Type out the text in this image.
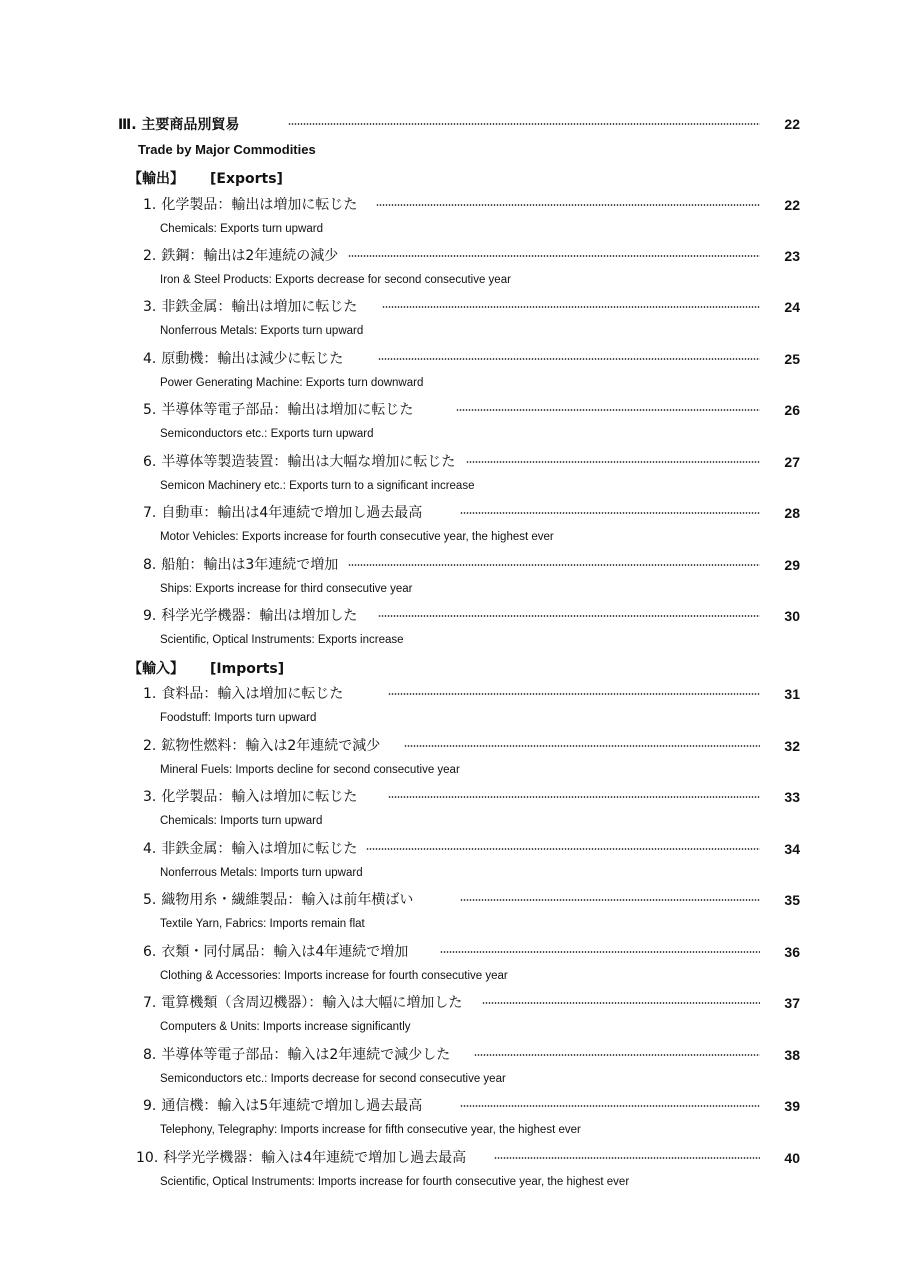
Ⅲ. 主要商品別貿易	22
Trade by Major Commodities
【輸出】 [Exports]
1. 化学製品：輸出は増加に転じた	22
Chemicals: Exports turn upward
2. 鉄鋼：輸出は2年連続の減少	23
Iron & Steel Products: Exports decrease for second consecutive year
3. 非鉄金属：輸出は増加に転じた	24
Nonferrous Metals: Exports turn upward
4. 原動機：輸出は減少に転じた	25
Power Generating Machine: Exports turn downward
5. 半導体等電子部品：輸出は増加に転じた	26
Semiconductors etc.: Exports turn upward
6. 半導体等製造装置：輸出は大幅な増加に転じた	27
Semicon Machinery etc.: Exports turn to a significant increase
7. 自動車：輸出は4年連続で増加し過去最高	28
Motor Vehicles: Exports increase for fourth consecutive year, the highest ever
8. 船舶：輸出は3年連続で増加	29
Ships: Exports increase for third consecutive year
9. 科学光学機器：輸出は増加した	30
Scientific, Optical Instruments: Exports increase
【輸入】 [Imports]
1. 食料品：輸入は増加に転じた	31
Foodstuff: Imports turn upward
2. 鉱物性燃料：輸入は2年連続で減少	32
Mineral Fuels: Imports decline for second consecutive year
3. 化学製品：輸入は増加に転じた	33
Chemicals: Imports turn upward
4. 非鉄金属：輸入は増加に転じた	34
Nonferrous Metals: Imports turn upward
5. 織物用糸・繊維製品：輸入は前年横ばい	35
Textile Yarn, Fabrics: Imports remain flat
6. 衣類・同付属品：輸入は4年連続で増加	36
Clothing & Accessories: Imports increase for fourth consecutive year
7. 電算機類（含周辺機器）：輸入は大幅に増加した	37
Computers & Units: Imports increase significantly
8. 半導体等電子部品：輸入は2年連続で減少した	38
Semiconductors etc.: Imports decrease for second consecutive year
9. 通信機：輸入は5年連続で増加し過去最高	39
Telephony, Telegraphy: Imports increase for fifth consecutive year, the highest ever
10. 科学光学機器：輸入は4年連続で増加し過去最高	40
Scientific, Optical Instruments: Imports increase for fourth consecutive year, the highest ever
